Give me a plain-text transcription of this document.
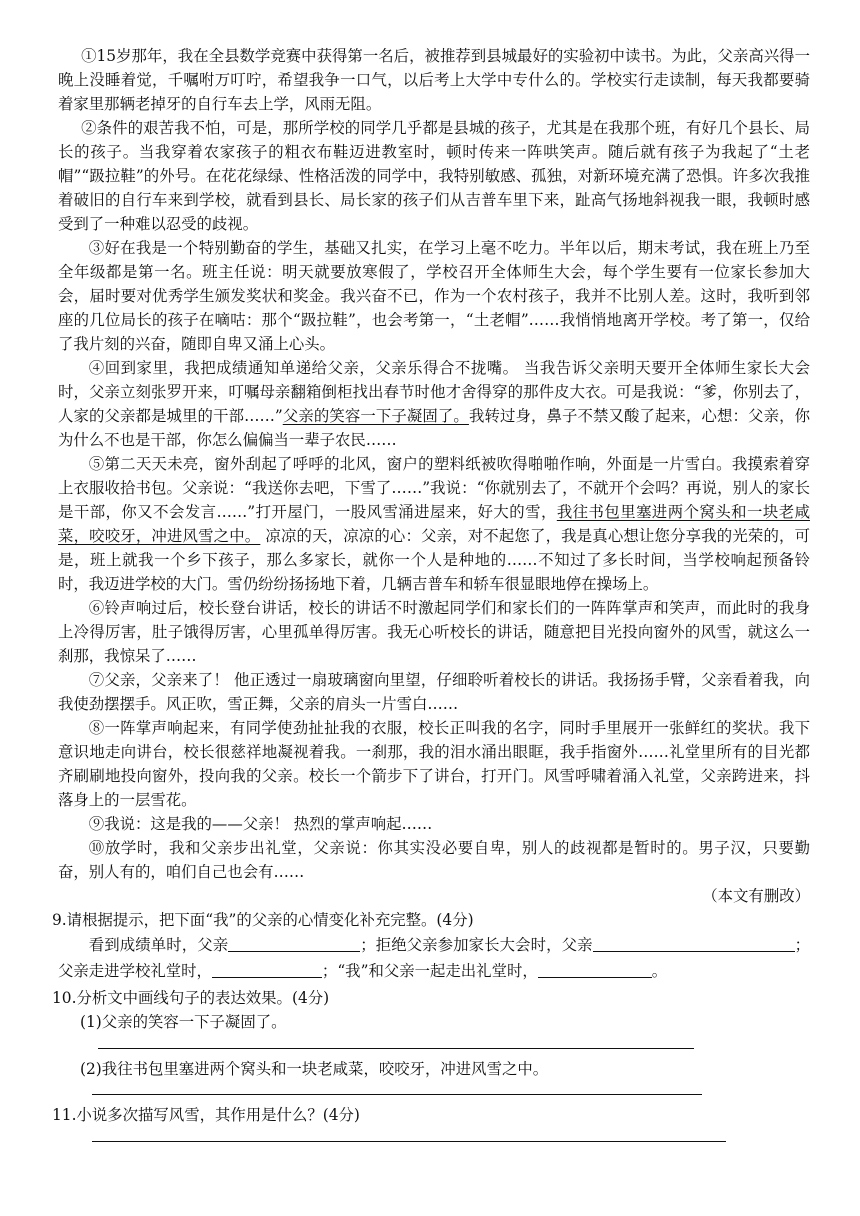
①15岁那年，我在全县数学竞赛中获得第一名后，被推荐到县城最好的实验初中读书。为此，父亲高兴得一晚上没睡着觉，千嘱咐万叮咛，希望我争一口气，以后考上大学中专什么的。学校实行走读制，每天我都要骑着家里那辆老掉牙的自行车去上学，风雨无阻。

②条件的艰苦我不怕，可是，那所学校的同学几乎都是县城的孩子，尤其是在我那个班，有好几个县长、局长的孩子。当我穿着农家孩子的粗衣布鞋迈进教室时，顿时传来一阵哄笑声。随后就有孩子为我起了“土老帽”“趿拉鞋”的外号。在花花绿绿、性格活泼的同学中，我特别敏感、孤独，对新环境充满了恐惧。许多次我推着破旧的自行车来到学校，就看到县长、局长家的孩子们从吉普车里下来，趾高气扬地斜视我一眼，我顿时感受到了一种难以忍受的歧视。

③好在我是一个特别勤奋的学生，基础又扎实，在学习上毫不吃力。半年以后，期末考试，我在班上乃至全年级都是第一名。班主任说：明天就要放寒假了，学校召开全体师生大会，每个学生要有一位家长参加大会，届时要对优秀学生颁发奖状和奖金。我兴奋不已，作为一个农村孩子，我并不比别人差。这时，我听到邻座的几位局长的孩子在嘀咕：那个“趿拉鞋”，也会考第一，“土老帽”……我悄悄地离开学校。考了第一，仅给了我片刻的兴奋，随即自卑又涌上心头。

④回到家里，我把成绩通知单递给父亲，父亲乐得合不拢嘴。 当我告诉父亲明天要开全体师生家长大会时，父亲立刻张罗开来，叮嘱母亲翻箱倒柜找出春节时他才舍得穿的那件皮大衣。可是我说：“爹，你别去了，人家的父亲都是城里的干部……”父亲的笑容一下子凝固了。我转过身，鼻子不禁又酸了起来，心想：父亲，你为什么不也是干部，你怎么偏偏当一辈子农民……

⑤第二天天未亮，窗外刮起了呼呼的北风，窗户的塑料纸被吹得啪啪作响，外面是一片雪白。我摸索着穿上衣服收拾书包。父亲说：“我送你去吧，下雪了……”我说：“你就别去了，不就开个会吗？再说，别人的家长是干部，你又不会发言……”打开屋门，一股风雪涌进屋来，好大的雪，我往书包里塞进两个窝头和一块老咸菜，咬咬牙，冲进风雪之中。 凉凉的天，凉凉的心：父亲，对不起您了，我是真心想让您分享我的光荣的，可是，班上就我一个乡下孩子，那么多家长，就你一个人是种地的……不知过了多长时间，当学校响起预备铃时，我迈进学校的大门。雪仍纷纷扬扬地下着，几辆吉普车和轿车很显眼地停在操场上。

⑥铃声响过后，校长登台讲话，校长的讲话不时激起同学们和家长们的一阵阵掌声和笑声，而此时的我身上冷得厉害，肚子饿得厉害，心里孤单得厉害。我无心听校长的讲话，随意把目光投向窗外的风雪，就这么一刹那，我惊呆了……

⑦父亲，父亲来了！ 他正透过一扇玻璃窗向里望，仔细聆听着校长的讲话。我扬扬手臂，父亲看着我，向我使劲摆摆手。风正吹，雪正舞，父亲的肩头一片雪白……

⑧一阵掌声响起来，有同学使劲扯扯我的衣服，校长正叫我的名字，同时手里展开一张鲜红的奖状。我下意识地走向讲台，校长很慈祥地凝视着我。一刹那，我的泪水涌出眼眶，我手指窗外……礼堂里所有的目光都齐刷刷地投向窗外，投向我的父亲。校长一个箭步下了讲台，打开门。风雪呼啸着涌入礼堂，父亲跨进来，抖落身上的一层雪花。

⑨我说：这是我的——父亲！ 热烈的掌声响起……

⑩放学时，我和父亲步出礼堂，父亲说：你其实没必要自卑，别人的歧视都是暂时的。男子汉，只要勤奋，别人有的，咱们自己也会有……

（本文有删改）

9.请根据提示，把下面“我”的父亲的心情变化补充完整。(4分)

看到成绩单时，父亲	；拒绝父亲参加家长大会时，父亲	；父亲走进学校礼堂时，	；“我”和父亲一起走出礼堂时，	。

10.分析文中画线句子的表达效果。(4分)

(1)父亲的笑容一下子凝固了。

(2)我往书包里塞进两个窝头和一块老咸菜，咬咬牙，冲进风雪之中。

11.小说多次描写风雪，其作用是什么？(4分)
